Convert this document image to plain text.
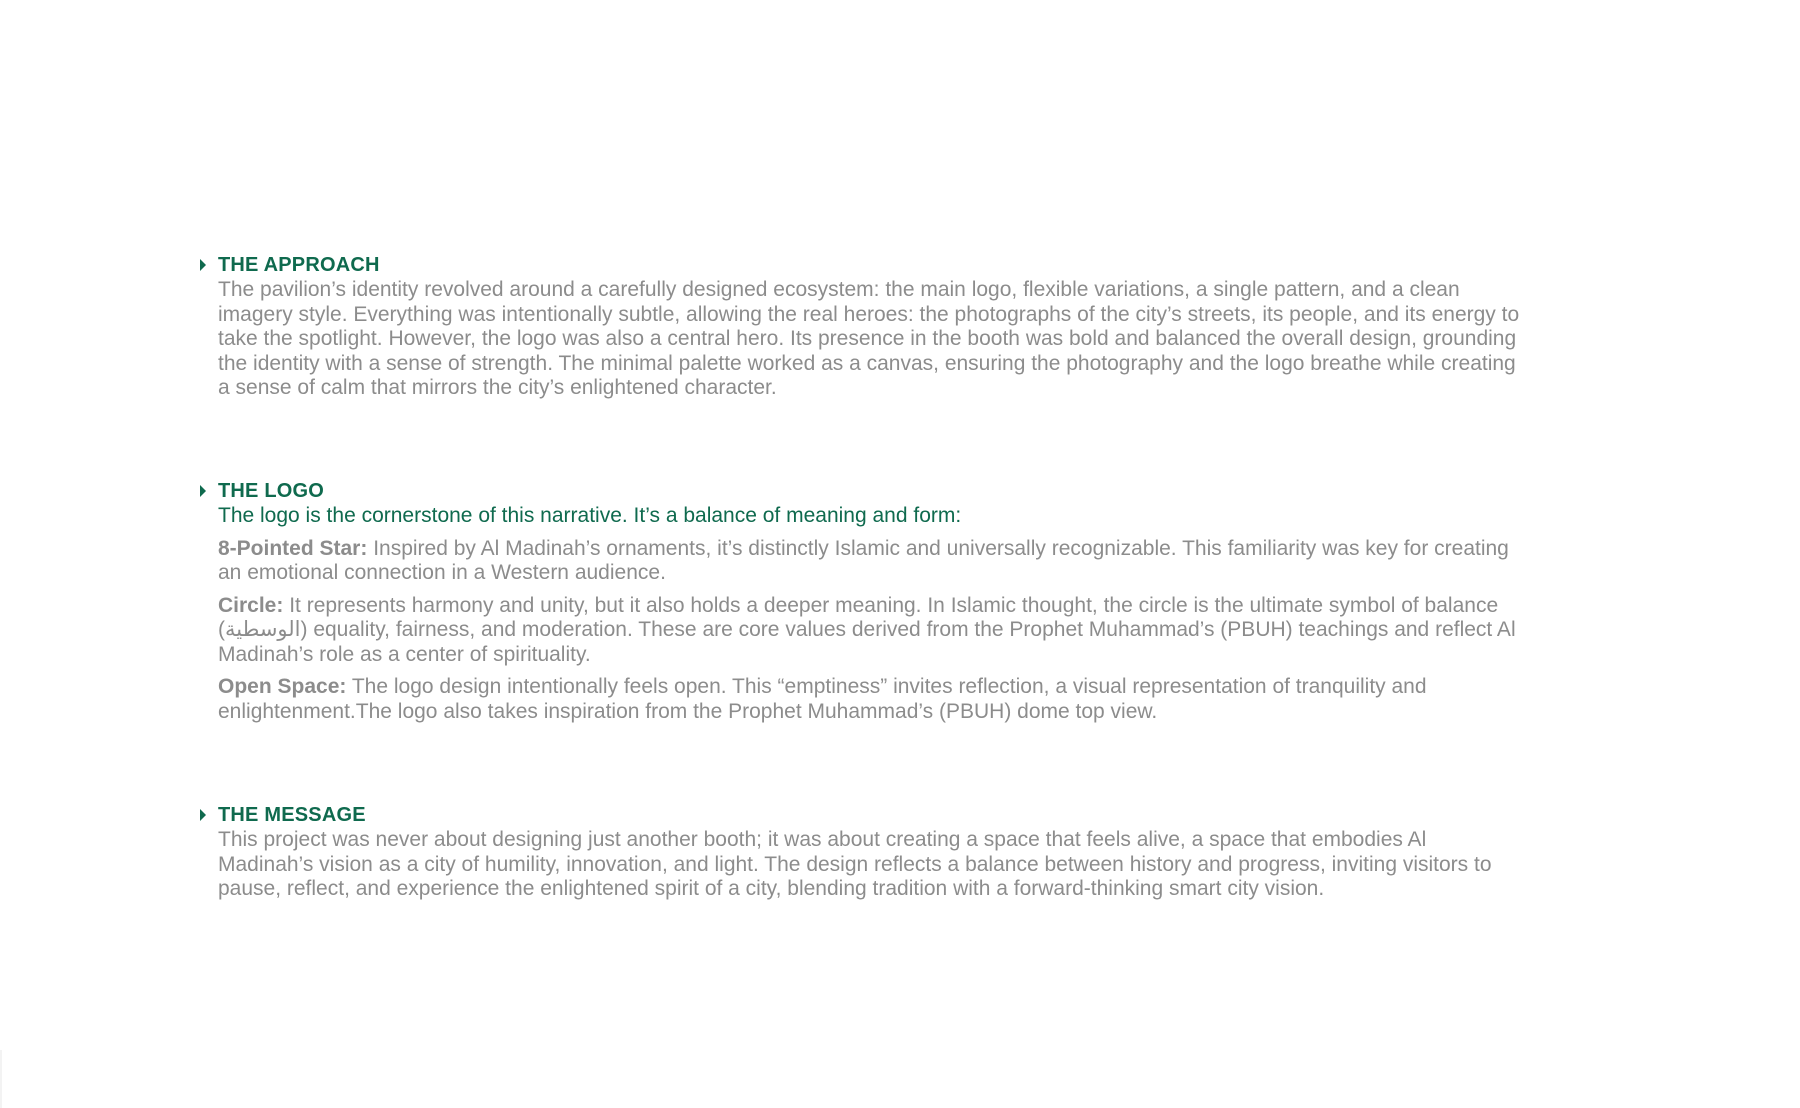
THE APPROACH

The pavilion’s identity revolved around a carefully designed ecosystem: the main logo, flexible variations, a single pattern, and a clean imagery style. Everything was intentionally subtle, allowing the real heroes: the photographs of the city’s streets, its people, and its energy to take the spotlight. However, the logo was also a central hero. Its presence in the booth was bold and balanced the overall design, grounding the identity with a sense of strength. The minimal palette worked as a canvas, ensuring the photography and the logo breathe while creating a sense of calm that mirrors the city’s enlightened character.

THE LOGO

The logo is the cornerstone of this narrative. It’s a balance of meaning and form:

8-Pointed Star: Inspired by Al Madinah’s ornaments, it’s distinctly Islamic and universally recognizable. This familiarity was key for creating an emotional connection in a Western audience.

Circle: It represents harmony and unity, but it also holds a deeper meaning. In Islamic thought, the circle is the ultimate symbol of balance (الوسطية) equality, fairness, and moderation. These are core values derived from the Prophet Muhammad’s (PBUH) teachings and reflect Al Madinah’s role as a center of spirituality.

Open Space: The logo design intentionally feels open. This “emptiness” invites reflection, a visual representation of tranquility and enlightenment.The logo also takes inspiration from the Prophet Muhammad’s (PBUH) dome top view.

THE MESSAGE

This project was never about designing just another booth; it was about creating a space that feels alive, a space that embodies Al Madinah’s vision as a city of humility, innovation, and light. The design reflects a balance between history and progress, inviting visitors to pause, reflect, and experience the enlightened spirit of a city, blending tradition with a forward-thinking smart city vision.
